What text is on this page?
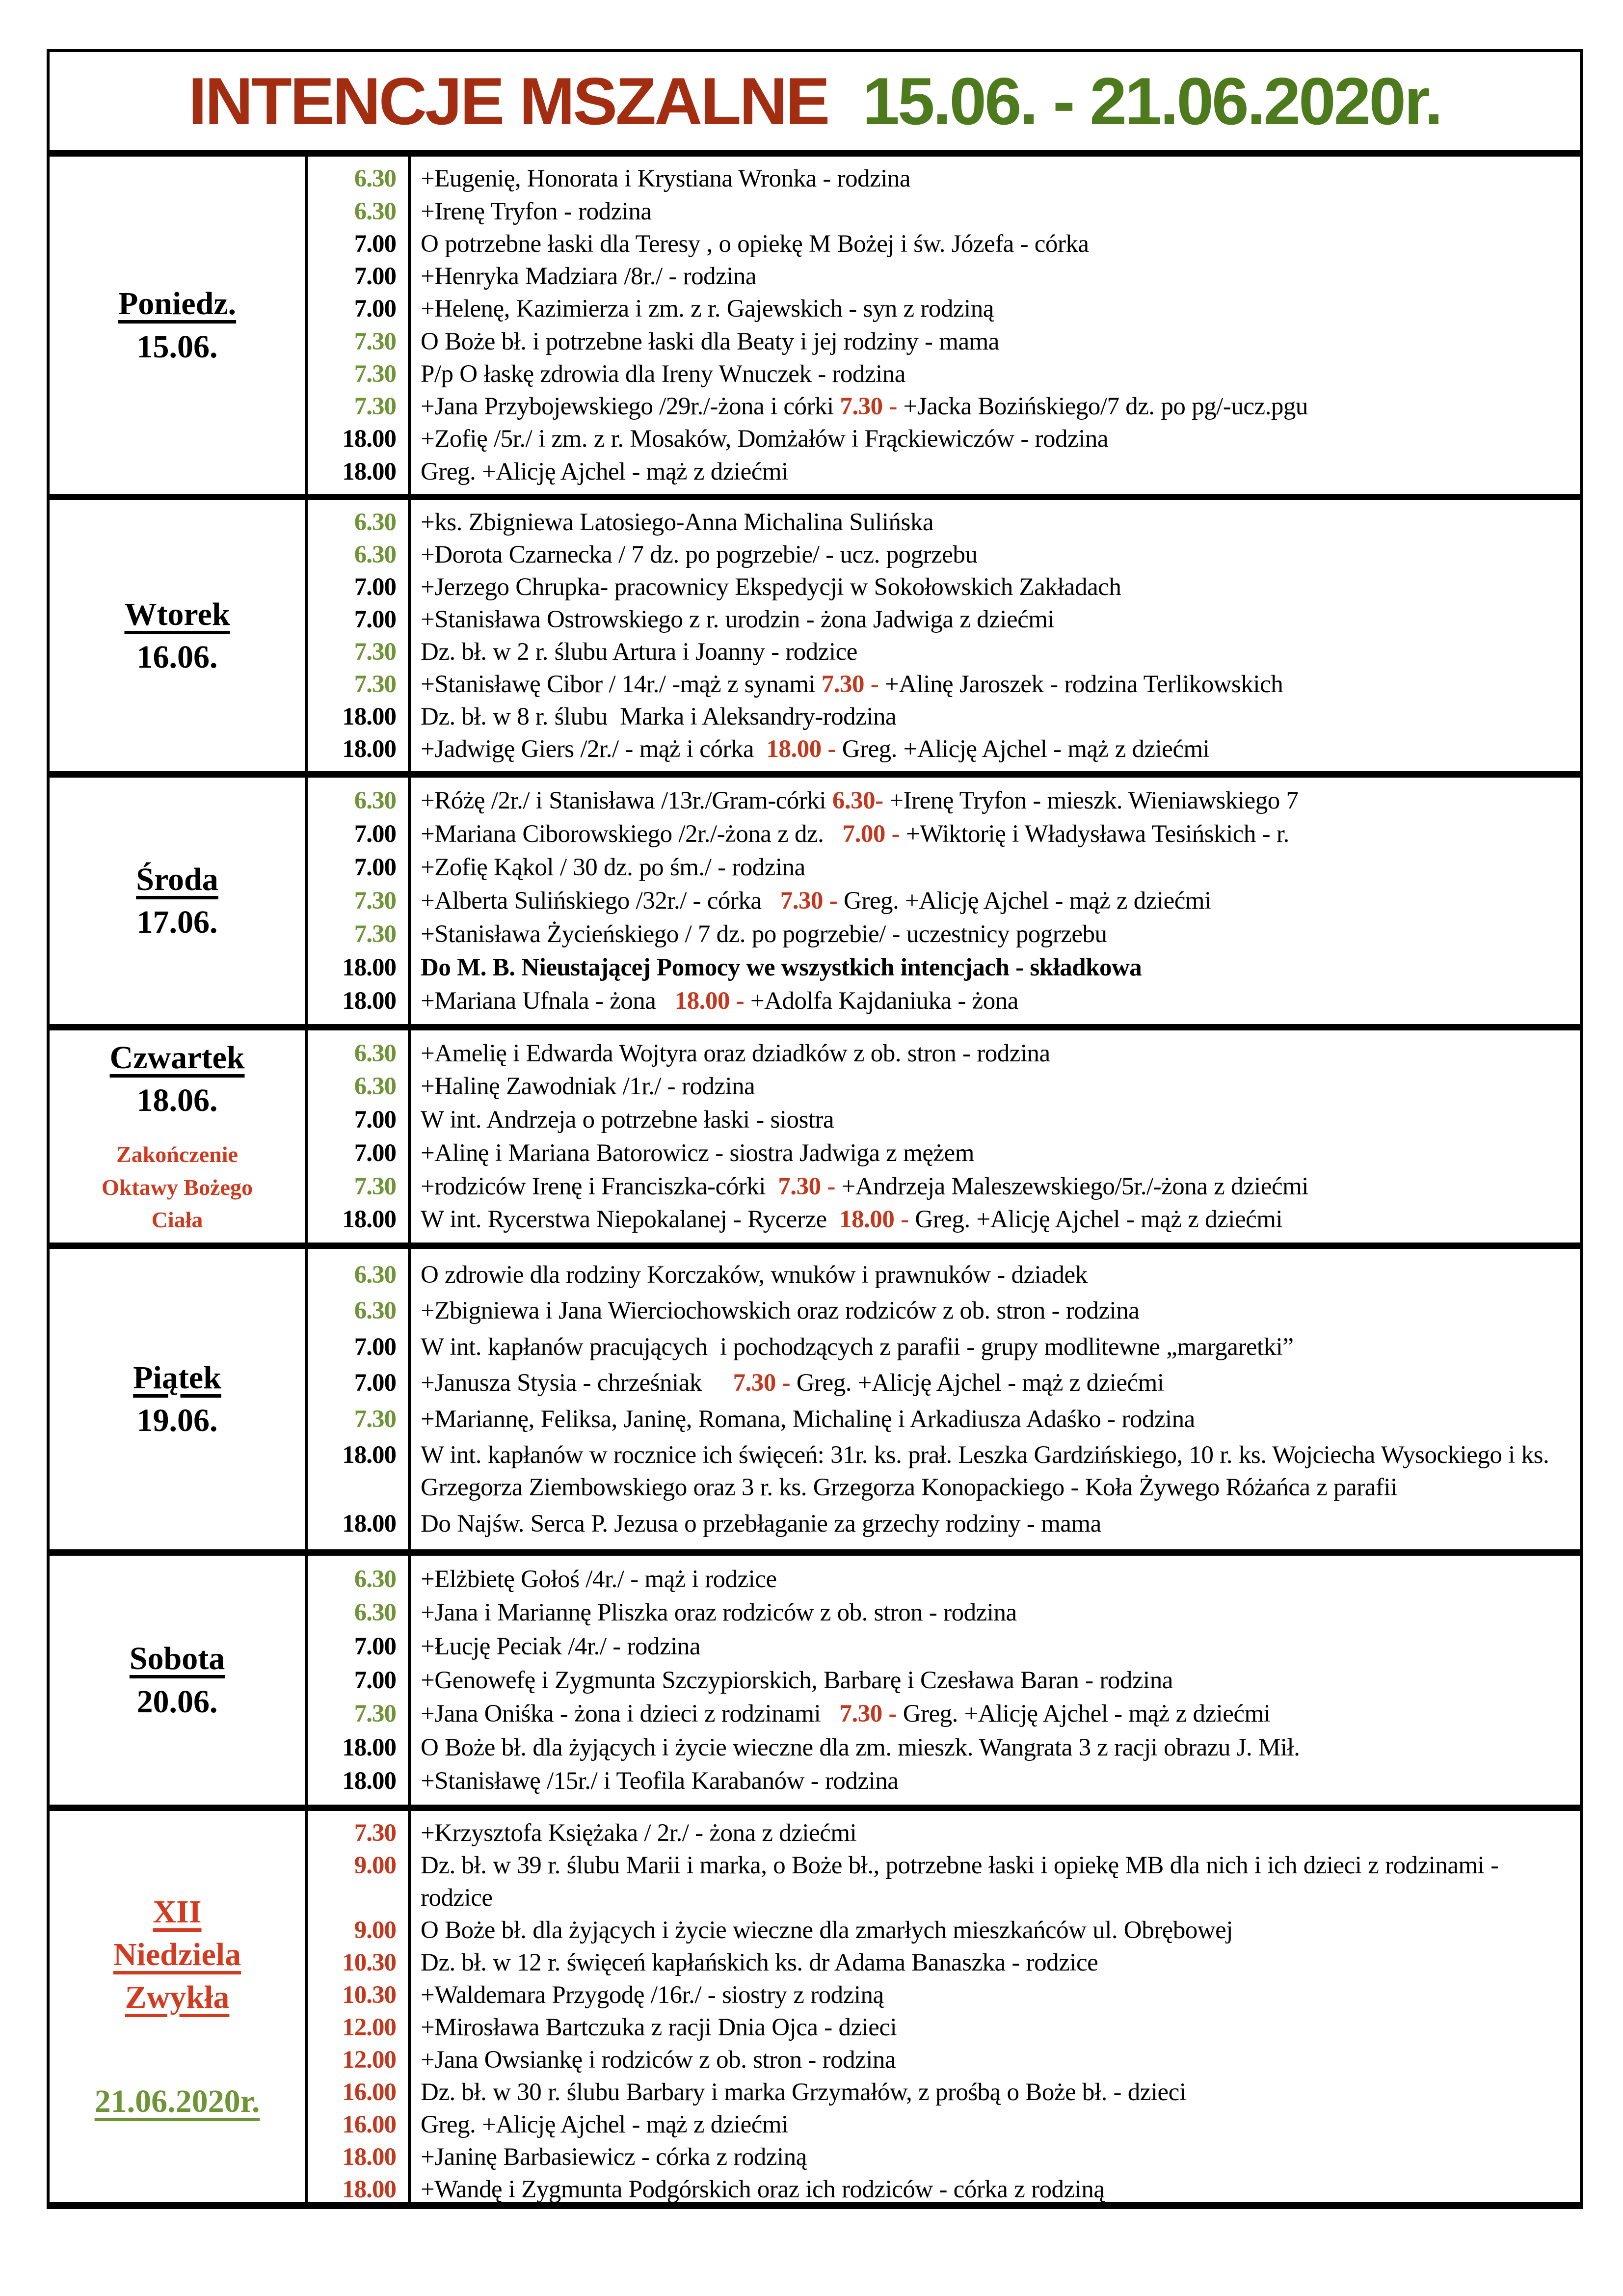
INTENCJE MSZALNE 15.06. - 21.06.2020r.
Poniedz.
15.06.
6.30 +Eugenię, Honorata i Krystiana Wronka - rodzina
6.30 +Irenę Tryfon - rodzina
7.00 O potrzebne łaski dla Teresy , o opiekę M Bożej i św. Józefa - córka
7.00 +Henryka Madziara /8r./ - rodzina
7.00 +Helenę, Kazimierza i zm. z r. Gajewskich - syn z rodziną
7.30 O Boże bł. i potrzebne łaski dla Beaty i jej rodziny - mama
7.30 P/p O łaskę zdrowia dla Ireny Wnuczek - rodzina
7.30 +Jana Przybojewskiego /29r./-żona i córki 7.30 - +Jacka Bozińskiego/7 dz. po pg/-ucz.pgu
18.00 +Zofię /5r./ i zm. z r. Mosaków, Domżałów i Frąckiewiczów - rodzina
18.00 Greg. +Alicję Ajchel - mąż z dziećmi
Wtorek
16.06.
6.30 +ks. Zbigniewa Latosiego-Anna Michalina Sulińska
6.30 +Dorota Czarnecka / 7 dz. po pogrzebie/ - ucz. pogrzebu
7.00 +Jerzego Chrupka- pracownicy Ekspedycji w Sokołowskich Zakładach
7.00 +Stanisława Ostrowskiego z r. urodzin - żona Jadwiga z dziećmi
7.30 Dz. bł. w 2 r. ślubu Artura i Joanny - rodzice
7.30 +Stanisławę Cibor / 14r./ -mąż z synami 7.30 - +Alinę Jaroszek - rodzina Terlikowskich
18.00 Dz. bł. w 8 r. ślubu  Marka i Aleksandry-rodzina
18.00 +Jadwigę Giers /2r./ - mąż i córka  18.00 - Greg. +Alicję Ajchel - mąż z dziećmi
Środa
17.06.
6.30 +Różę /2r./ i Stanisława /13r./Gram-córki 6.30- +Irenę Tryfon - mieszk. Wieniawskiego 7
7.00 +Mariana Ciborowskiego /2r./-żona z dz.   7.00 - +Wiktorię i Władysława Tesińskich - r.
7.00 +Zofię Kąkol / 30 dz. po śm./ - rodzina
7.30 +Alberta Sulińskiego /32r./ - córka   7.30 - Greg. +Alicję Ajchel - mąż z dziećmi
7.30 +Stanisława Życieńskiego / 7 dz. po pogrzebie/ - uczestnicy pogrzebu
18.00 Do M. B. Nieustającej Pomocy we wszystkich intencjach - składkowa
18.00 +Mariana Ufnala - żona   18.00 - +Adolfa Kajdaniuka - żona
Czwartek
18.06.
Zakończenie
Oktawy Bożego
Ciała
6.30 +Amelię i Edwarda Wojtyra oraz dziadków z ob. stron - rodzina
6.30 +Halinę Zawodniak /1r./ - rodzina
7.00 W int. Andrzeja o potrzebne łaski - siostra
7.00 +Alinę i Mariana Batorowicz - siostra Jadwiga z mężem
7.30 +rodziców Irenę i Franciszka-córki  7.30 - +Andrzeja Maleszewskiego/5r./-żona z dziećmi
18.00 W int. Rycerstwa Niepokalanej - Rycerze  18.00 - Greg. +Alicję Ajchel - mąż z dziećmi
Piątek
19.06.
6.30 O zdrowie dla rodziny Korczaków, wnuków i prawnuków - dziadek
6.30 +Zbigniewa i Jana Wierciochowskich oraz rodziców z ob. stron - rodzina
7.00 W int. kapłanów pracujących  i pochodzących z parafii - grupy modlitewne „margaretki”
7.00 +Janusza Stysia - chrześniak     7.30 - Greg. +Alicję Ajchel - mąż z dziećmi
7.30 +Mariannę, Feliksa, Janinę, Romana, Michalinę i Arkadiusza Adaśko - rodzina
18.00 W int. kapłanów w rocznice ich święceń: 31r. ks. prał. Leszka Gardzińskiego, 10 r. ks. Wojciecha Wysockiego i ks. Grzegorza Ziembowskiego oraz 3 r. ks. Grzegorza Konopackiego - Koła Żywego Różańca z parafii
18.00 Do Najśw. Serca P. Jezusa o przebłaganie za grzechy rodziny - mama
Sobota
20.06.
6.30 +Elżbietę Gołoś /4r./ - mąż i rodzice
6.30 +Jana i Mariannę Pliszka oraz rodziców z ob. stron - rodzina
7.00 +Łucję Peciak /4r./ - rodzina
7.00 +Genowefę i Zygmunta Szczypiorskich, Barbarę i Czesława Baran - rodzina
7.30 +Jana Oniśka - żona i dzieci z rodzinami   7.30 - Greg. +Alicję Ajchel - mąż z dziećmi
18.00 O Boże bł. dla żyjących i życie wieczne dla zm. mieszk. Wangrata 3 z racji obrazu J. Mił.
18.00 +Stanisławę /15r./ i Teofila Karabanów - rodzina
XII
Niedziela
Zwykła
21.06.2020r.
7.30 +Krzysztofa Księżaka / 2r./ - żona z dziećmi
9.00 Dz. bł. w 39 r. ślubu Marii i marka, o Boże bł., potrzebne łaski i opiekę MB dla nich i ich dzieci z rodzinami - rodzice
9.00 O Boże bł. dla żyjących i życie wieczne dla zmarłych mieszkańców ul. Obrębowej
10.30 Dz. bł. w 12 r. święceń kapłańskich ks. dr Adama Banaszka - rodzice
10.30 +Waldemara Przygodę /16r./ - siostry z rodziną
12.00 +Mirosława Bartczuka z racji Dnia Ojca - dzieci
12.00 +Jana Owsiankę i rodziców z ob. stron - rodzina
16.00 Dz. bł. w 30 r. ślubu Barbary i marka Grzymałów, z prośbą o Boże bł. - dzieci
16.00 Greg. +Alicję Ajchel - mąż z dziećmi
18.00 +Janinę Barbasiewicz - córka z rodziną
18.00 +Wandę i Zygmunta Podgórskich oraz ich rodziców - córka z rodziną
